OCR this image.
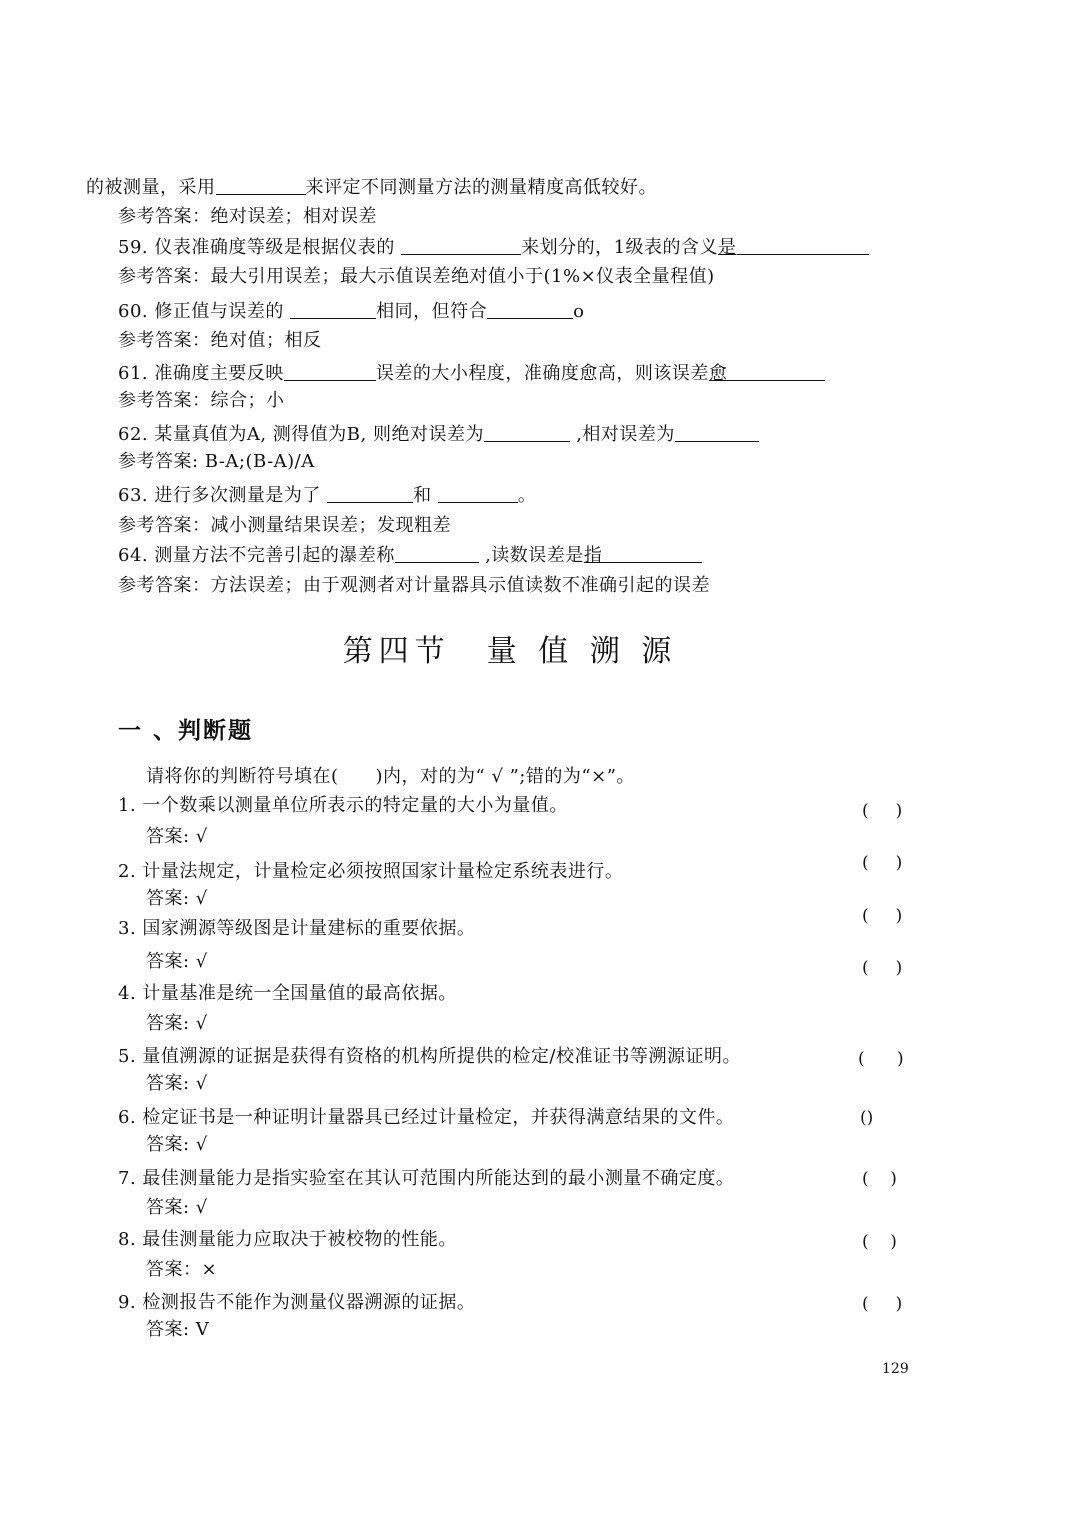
的被测量，采用	来评定不同测量方法的测量精度高低较好。
参考答案：绝对误差；相对误差
59. 仪表准确度等级是根据仪表的	来划分的，1级表的含义是
参考答案：最大引用误差；最大示值误差绝对值小于(1%×仪表全量程值)
60. 修正值与误差的	相同，但符合	o
参考答案：绝对值；相反
61. 准确度主要反映	误差的大小程度，准确度愈高，则该误差愈
参考答案：综合；小
62. 某量真值为A, 测得值为B, 则绝对误差为	,相对误差为
参考答案: B-A;(B-A)/A
63. 进行多次测量是为了	和	。
参考答案：减小测量结果误差；发现粗差
64. 测量方法不完善引起的瀑差称	,读数误差是指
参考答案：方法误差；由于观测者对计量器具示值读数不准确引起的误差
第四节　量 值 溯 源
一 、判断题
请将你的判断符号填在(　　)内，对的为“ √ ”;错的为“×”。
1. 一个数乘以测量单位所表示的特定量的大小为量值。
答案: √
(     )
2. 计量法规定，计量检定必须按照国家计量检定系统表进行。
答案: √
(     )
3. 国家溯源等级图是计量建标的重要依据。
答案: √
(     )
4. 计量基准是统一全国量值的最高依据。
答案: √
(     )
5. 量值溯源的证据是获得有资格的机构所提供的检定/校准证书等溯源证明。
答案: √
(      )
6. 检定证书是一种证明计量器具已经过计量检定，并获得满意结果的文件。
答案: √
()
7. 最佳测量能力是指实验室在其认可范围内所能达到的最小测量不确定度。
答案: √
(    )
8. 最佳测量能力应取决于被校物的性能。
答案：×
(    )
9. 检测报告不能作为测量仪器溯源的证据。
答案: V
(     )
129
